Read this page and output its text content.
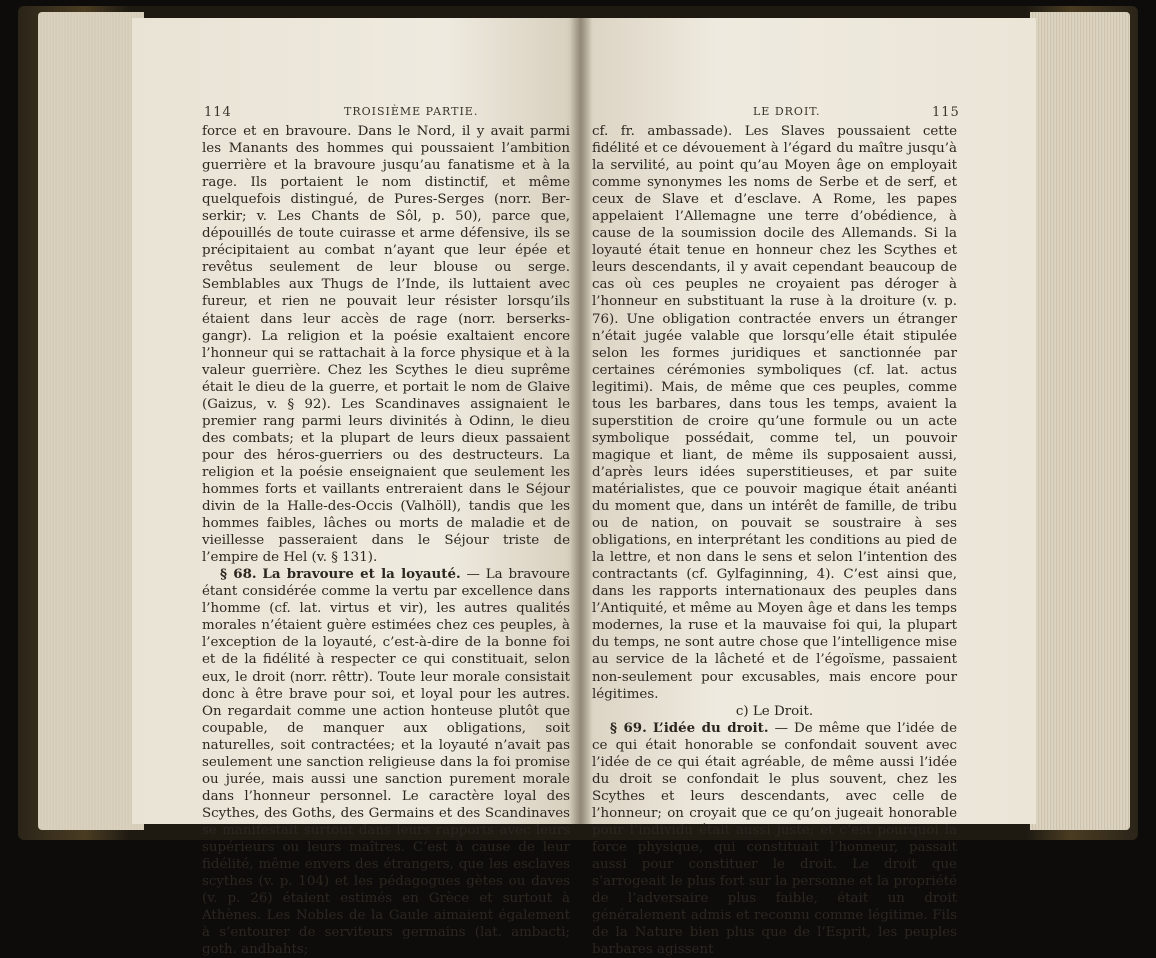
114	TROISIÈME PARTIE.

force et en bravoure. Dans le Nord, il y avait parmi les Manants des hommes qui poussaient l’ambition guerrière et la bravoure jusqu’au fanatisme et à la rage. Ils portaient le nom distinctif, et même quelquefois distingué, de Pures-Serges (norr. Ber-serkir; v. Les Chants de Sôl, p. 50), parce que, dépouillés de toute cuirasse et arme défensive, ils se précipitaient au combat n’ayant que leur épée et revêtus seulement de leur blouse ou serge. Semblables aux Thugs de l’Inde, ils luttaient avec fureur, et rien ne pouvait leur résister lorsqu’ils étaient dans leur accès de rage (norr. berserks-gangr). La religion et la poésie exaltaient encore l’honneur qui se rattachait à la force physique et à la valeur guerrière. Chez les Scythes le dieu suprême était le dieu de la guerre, et portait le nom de Glaive (Gaizus, v. § 92). Les Scandinaves assignaient le premier rang parmi leurs divinités à Odinn, le dieu des combats; et la plupart de leurs dieux passaient pour des héros-guerriers ou des destructeurs. La religion et la poésie enseignaient que seulement les hommes forts et vaillants entreraient dans le Séjour divin de la Halle-des-Occis (Valhöll), tandis que les hommes faibles, lâches ou morts de maladie et de vieillesse passeraient dans le Séjour triste de l’empire de Hel (v. § 131).

§ 68. La bravoure et la loyauté. — La bravoure étant considérée comme la vertu par excellence dans l’homme (cf. lat. virtus et vir), les autres qualités morales n’étaient guère estimées chez ces peuples, à l’exception de la loyauté, c’est-à-dire de la bonne foi et de la fidélité à respecter ce qui constituait, selon eux, le droit (norr. rêttr). Toute leur morale consistait donc à être brave pour soi, et loyal pour les autres. On regardait comme une action honteuse plutôt que coupable, de manquer aux obligations, soit naturelles, soit contractées; et la loyauté n’avait pas seulement une sanction religieuse dans la foi promise ou jurée, mais aussi une sanction purement morale dans l’honneur personnel. Le caractère loyal des Scythes, des Goths, des Germains et des Scandinaves se manifestait surtout dans leurs rapports avec leurs supérieurs ou leurs maîtres. C’est à cause de leur fidélité, même envers des étrangers, que les esclaves scythes (v. p. 104) et les pédagogues gètes ou daves (v. p. 26) étaient estimés en Grèce et surtout à Athènes. Les Nobles de la Gaule aimaient également à s’entourer de serviteurs germains (lat. ambacti; goth. andbahts;

LE DROIT.	115

cf. fr. ambassade). Les Slaves poussaient cette fidélité et ce dévouement à l’égard du maître jusqu’à la servilité, au point qu’au Moyen âge on employait comme synonymes les noms de Serbe et de serf, et ceux de Slave et d’esclave. A Rome, les papes appelaient l’Allemagne une terre d’obédience, à cause de la soumission docile des Allemands. Si la loyauté était tenue en honneur chez les Scythes et leurs descendants, il y avait cependant beaucoup de cas où ces peuples ne croyaient pas déroger à l’honneur en substituant la ruse à la droiture (v. p. 76). Une obligation contractée envers un étranger n’était jugée valable que lorsqu’elle était stipulée selon les formes juridiques et sanctionnée par certaines cérémonies symboliques (cf. lat. actus legitimi). Mais, de même que ces peuples, comme tous les barbares, dans tous les temps, avaient la superstition de croire qu’une formule ou un acte symbolique possédait, comme tel, un pouvoir magique et liant, de même ils supposaient aussi, d’après leurs idées superstitieuses, et par suite matérialistes, que ce pouvoir magique était anéanti du moment que, dans un intérêt de famille, de tribu ou de nation, on pouvait se soustraire à ses obligations, en interprétant les conditions au pied de la lettre, et non dans le sens et selon l’intention des contractants (cf. Gylfaginning, 4). C’est ainsi que, dans les rapports internationaux des peuples dans l’Antiquité, et même au Moyen âge et dans les temps modernes, la ruse et la mauvaise foi qui, la plupart du temps, ne sont autre chose que l’intelligence mise au service de la lâcheté et de l’égoïsme, passaient non-seulement pour excusables, mais encore pour légitimes.

c) Le Droit.

§ 69. L’idée du droit. — De même que l’idée de ce qui était honorable se confondait souvent avec l’idée de ce qui était agréable, de même aussi l’idée du droit se confondait le plus souvent, chez les Scythes et leurs descendants, avec celle de l’honneur; on croyait que ce qu’on jugeait honorable pour l’individu était aussi juste; et c’est pourquoi la force physique, qui constituait l’honneur, passait aussi pour constituer le droit. Le droit que s’arrogeait le plus fort sur la personne et la propriété de l’adversaire plus faible, était un droit généralement admis et reconnu comme légitime. Fils de la Nature bien plus que de l’Esprit, les peuples barbares agissent
